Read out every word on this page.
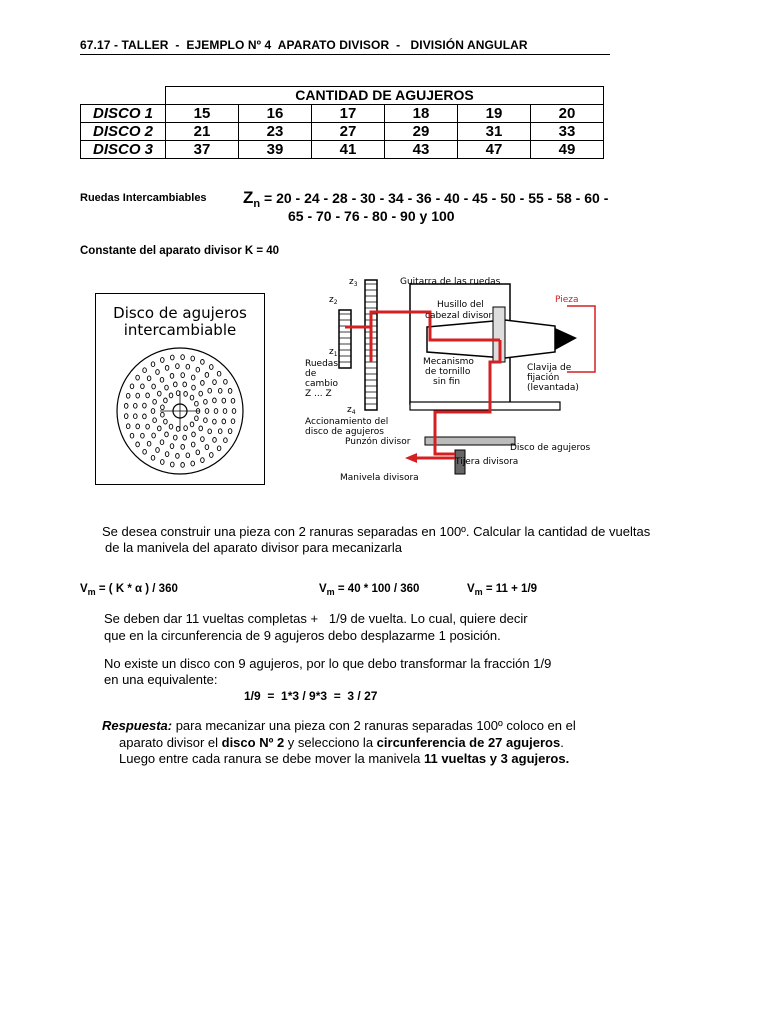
67.17 - TALLER  -  EJEMPLO Nº 4  APARATO DIVISOR  -   DIVISIÓN ANGULAR
	CANTIDAD DE AGUJEROS					
DISCO 1	15	16	17	18	19	20
DISCO 2	21	23	27	29	31	33
DISCO 3	37	39	41	43	47	49
Ruedas Intercambiables $Z_n = 20 - 24 - 28 - 30 - 34 - 36 - 40 - 45 - 50 - 55 - 58 - 60$ -
65 - 70 - 76 - 80 - 90 y 100
Constante del aparato divisor K = 40
Disco de agujeros
intercambiable
$z_3$
$z_2$
$z_1$
$z_4$
Guitarra de las ruedas
Husillo del
cabezal divisor
Pieza
Mecanismo
de tornillo
sin fin
Ruedas
de
cambio
Z ... Z
Clavija de
fijación
(levantada)
Accionamiento del
disco de agujeros
Punzón divisor
Disco de agujeros
Tijera divisora
Manivela divisora
Se desea construir una pieza con 2 ranuras separadas en 100º. Calcular la cantidad de vueltas
de la manivela del aparato divisor para mecanizarla
$V_m$ = ( K * α ) / 360	$V_m = 40 * 100 / 360$	$V_m = 11 + 1/9$
Se deben dar 11 vueltas completas +   1/9 de vuelta. Lo cual, quiere decir
que en la circunferencia de 9 agujeros debo desplazarme 1 posición.
No existe un disco con 9 agujeros, por lo que debo transformar la fracción 1/9
en una equivalente:
1/9  =  1*3 / 9*3  =  3 / 27
Respuesta: para mecanizar una pieza con 2 ranuras separadas 100º coloco en el
aparato divisor el disco Nº 2 y selecciono la circunferencia de 27 agujeros.
Luego entre cada ranura se debe mover la manivela 11 vueltas y 3 agujeros.
